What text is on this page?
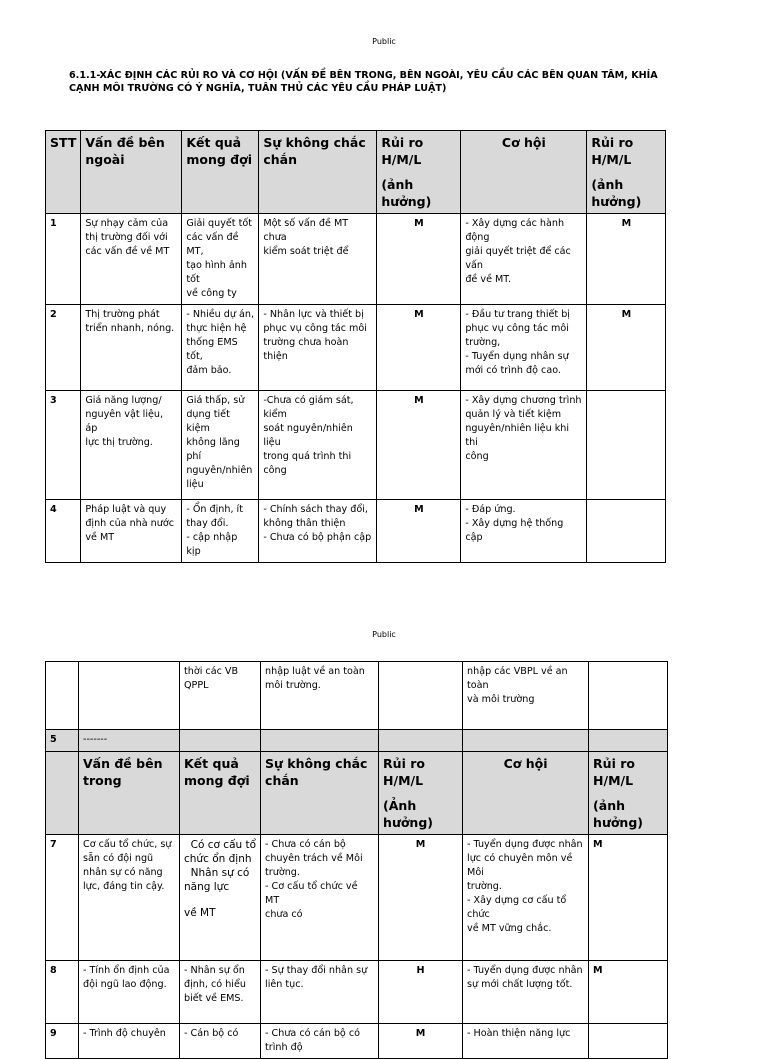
Public
6.1.1-XÁC ĐỊNH CÁC RỦI RO VÀ CƠ HỘI (VẤN ĐỀ BÊN TRONG, BÊN NGOÀI, YÊU CẦU CÁC BÊN QUAN TÂM, KHÍA
CẠNH MÔI TRƯỜNG CÓ Ý NGHĨA, TUÂN THỦ CÁC YÊU CẦU PHÁP LUẬT)
STT	Vấn đề bên
ngoài	Kết quả
mong đợi	Sự không chắc
chắn	Rủi ro
H/M/L
(ảnh hưởng)	Cơ hội	Rủi ro H/M/L
(ảnh hưởng)

1	Sự nhạy cảm của
thị trường đối với
các vấn đề về MT	Giải quyết tốt
các vấn đề MT,
tạo hình ảnh tốt
về công ty	Một số vấn đề MT chưa
kiểm soát triệt để	M	- Xây dựng các hành động
giải quyết triệt để các vấn
đề về MT.	M
2	Thị trường phát
triển nhanh, nóng.	- Nhiều dự án,
thực hiện hệ
thống EMS tốt,
đảm bảo.	- Nhân lực và thiết bị
phục vụ công tác môi
trường chưa hoàn thiện	M	- Đầu tư trang thiết bị
phục vụ công tác môi
trường,
- Tuyển dụng nhân sự
mới có trình độ cao.	M
3	Giá năng lượng/
nguyên vật liệu, áp
lực thị trường.	Giá thấp, sử
dụng tiết kiệm
không lãng phí
nguyên/nhiên
liệu	-Chưa có giám sát, kiểm
soát nguyên/nhiên liệu
trong quá trình thi công	M	- Xây dựng chương trình
quản lý và tiết kiệm
nguyên/nhiên liệu khi thi
công	

4	Pháp luật và quy
định của nhà nước
về MT	- Ổn định, ít
thay đổi.
- cập nhập kịp	- Chính sách thay đổi,
không thân thiện
- Chưa có bộ phận cập	M	- Đáp ứng.
- Xây dựng hệ thống cập	

Public

		thời các VB
QPPL	nhập luật về an toàn
môi trường.		nhập các VBPL về an toàn
và môi trường	

5	-------					

	Vấn đề bên
trong	Kết quả
mong đợi	Sự không chắc
chắn	Rủi ro
H/M/L
(Ảnh hưởng)	Cơ hội	Rủi ro H/M/L
(ảnh hưởng)

7	Cơ cấu tổ chức, sự
sẵn có đội ngũ
nhân sự có năng
lực, đáng tin cậy.	Có cơ cấu tổ
chức ổn định
Nhân sự có
năng lực
về MT	- Chưa có cán bộ
chuyên trách về Môi
trường.
- Cơ cấu tổ chức về MT
chưa có	M	- Tuyển dụng được nhân
lực có chuyên môn về Môi
trường.
- Xây dựng cơ cấu tổ chức
về MT vững chắc.	M
8	- Tính ổn định của
đội ngũ lao động.	- Nhân sự ổn
định, có hiểu
biết về EMS.	- Sự thay đổi nhân sự
liên tục.	H	- Tuyển dụng được nhân
sự mới chất lượng tốt.	M
9	- Trình độ chuyên	- Cán bộ có	- Chưa có cán bộ có trình độ	M	- Hoàn thiện năng lực	
